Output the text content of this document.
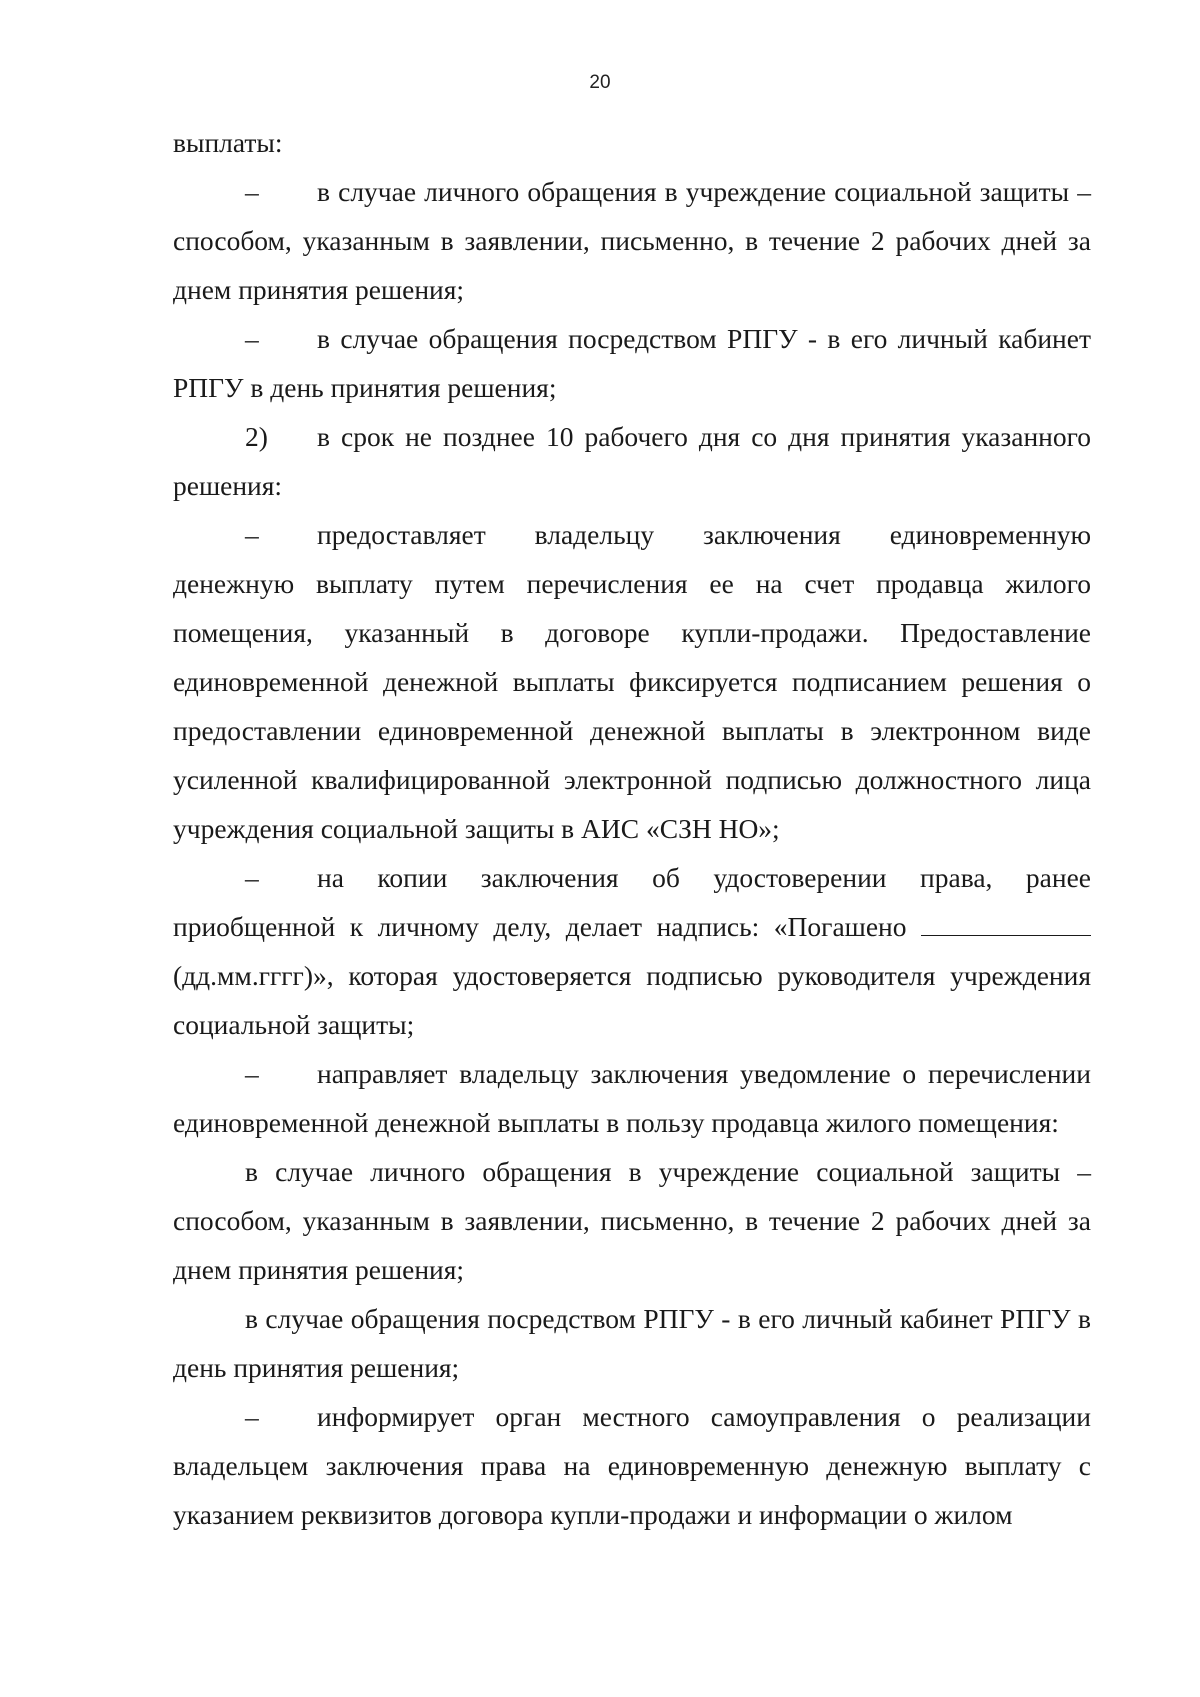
20

выплаты:

– в случае личного обращения в учреждение социальной защиты – способом, указанным в заявлении, письменно, в течение 2 рабочих дней за днем принятия решения;

– в случае обращения посредством РПГУ - в его личный кабинет РПГУ в день принятия решения;

2) в срок не позднее 10 рабочего дня со дня принятия указанного решения:

– предоставляет владельцу заключения единовременную денежную выплату путем перечисления ее на счет продавца жилого помещения, указанный в договоре купли-продажи. Предоставление единовременной денежной выплаты фиксируется подписанием решения о предоставлении единовременной денежной выплаты в электронном виде усиленной квалифицированной электронной подписью должностного лица учреждения социальной защиты в АИС «СЗН НО»;

– на копии заключения об удостоверении права, ранее приобщенной к личному делу, делает надпись: «Погашено  (дд.мм.гггг)», которая удостоверяется подписью руководителя учреждения социальной защиты;

– направляет владельцу заключения уведомление о перечислении единовременной денежной выплаты в пользу продавца жилого помещения:

в случае личного обращения в учреждение социальной защиты – способом, указанным в заявлении, письменно, в течение 2 рабочих дней за днем принятия решения;

в случае обращения посредством РПГУ - в его личный кабинет РПГУ в день принятия решения;

– информирует орган местного самоуправления о реализации владельцем заключения права на единовременную денежную выплату с указанием реквизитов договора купли-продажи и информации о жилом
